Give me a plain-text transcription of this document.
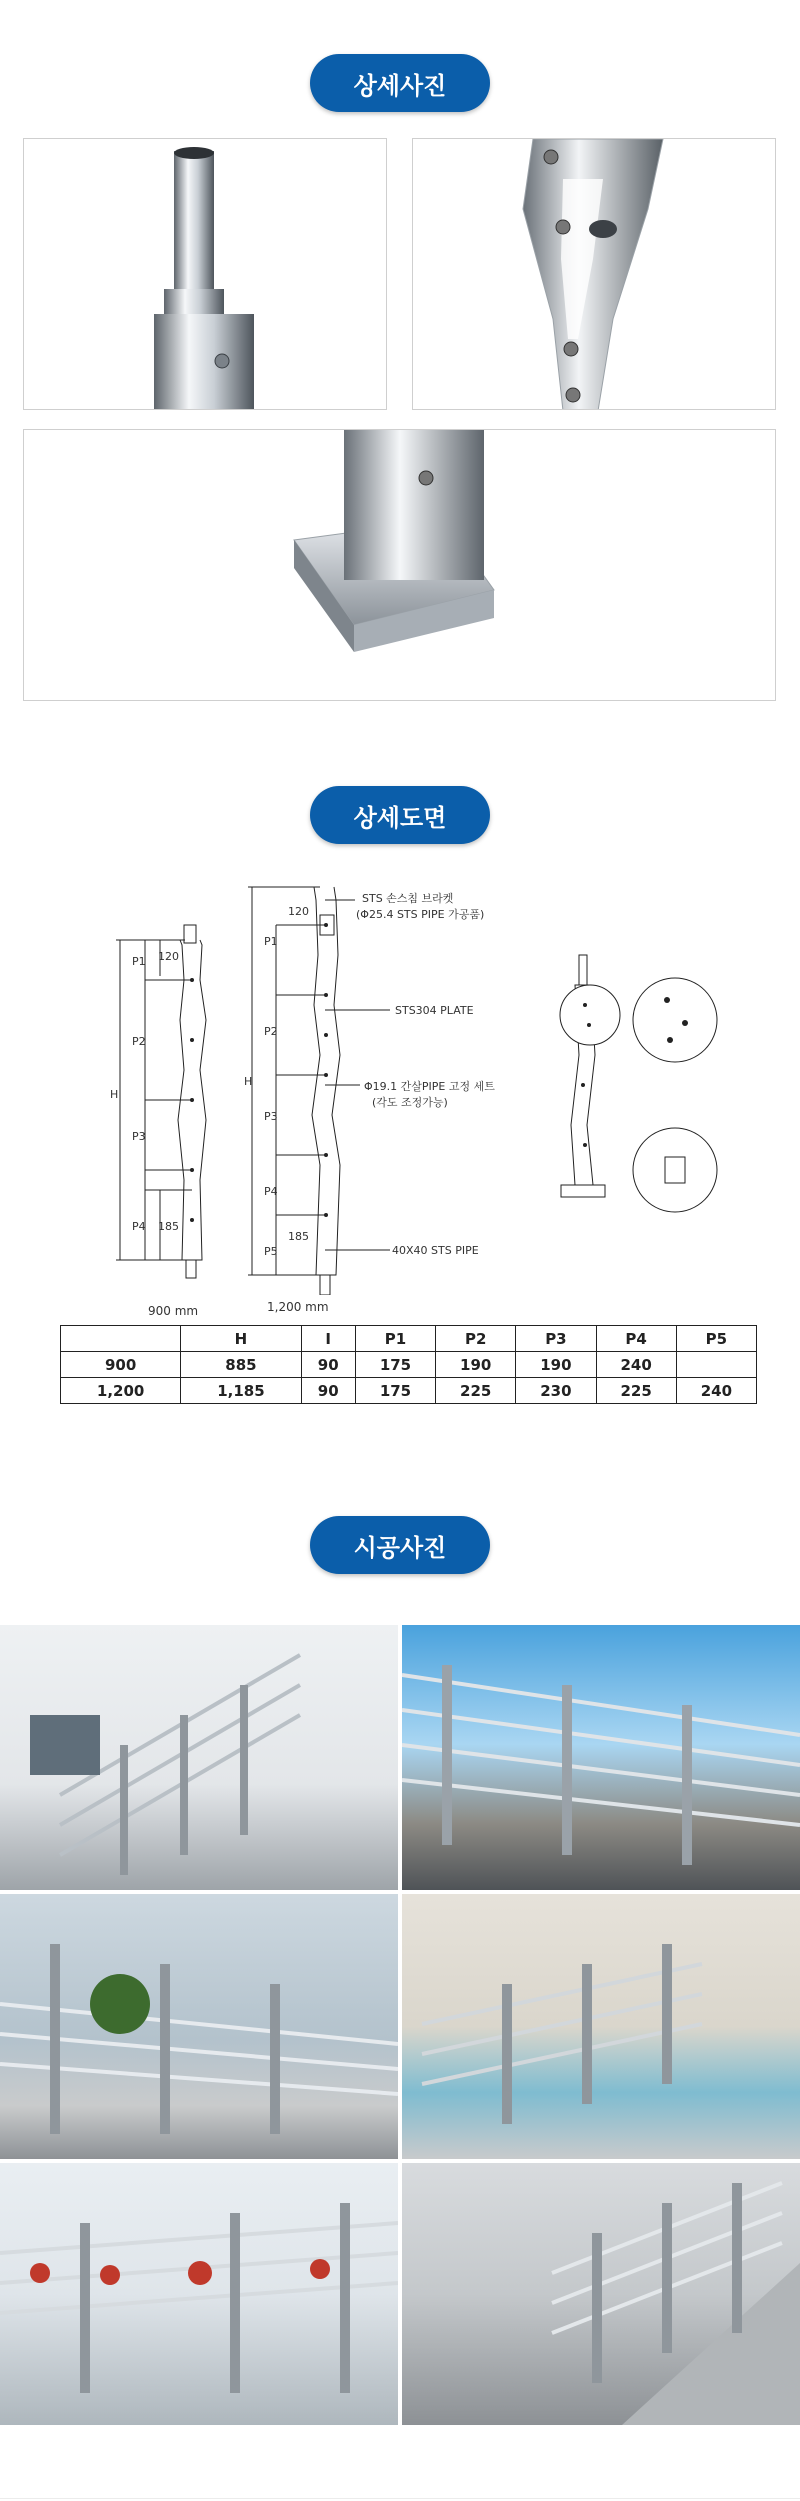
상세사진
상세도면
H
P2
P1
P3
P4
120
185
900 mm
H
P1
P2
P3
P4
P5
120
185
1,200 mm
STS 손스침 브라켓
(Φ25.4 STS PIPE 가공품)
STS304 PLATE
Φ19.1 간살PIPE 고정 세트
(각도 조정가능)
40X40 STS PIPE
	H	I	P1	P2	P3	P4	P5
900	885	90	175	190	190	240	
1,200	1,185	90	175	225	230	225	240
시공사진
